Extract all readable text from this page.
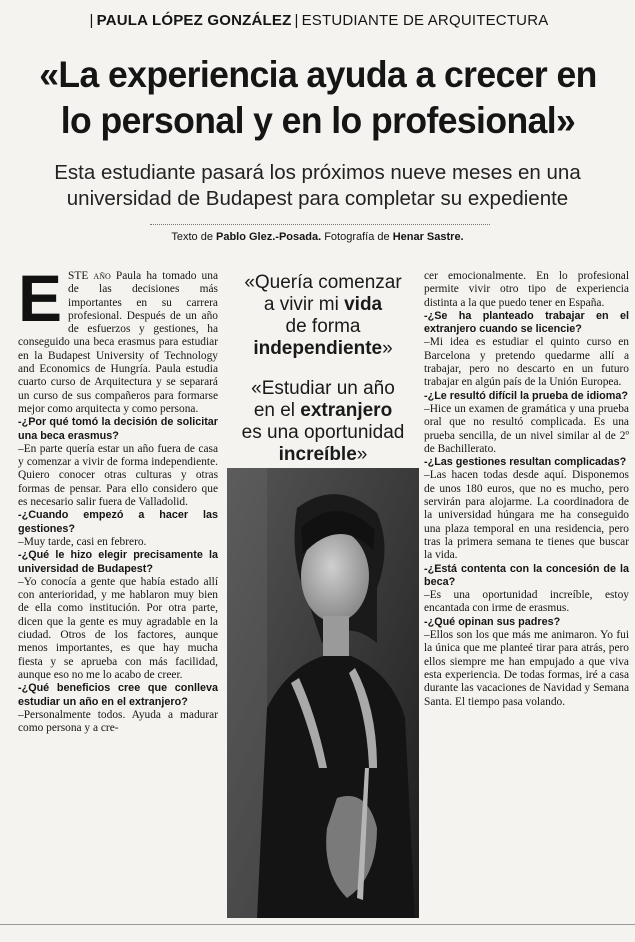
| PAULA LÓPEZ GONZÁLEZ | ESTUDIANTE DE ARQUITECTURA
«La experiencia ayuda a crecer en
lo personal y en lo profesional»
Esta estudiante pasará los próximos nueve meses en una
universidad de Budapest para completar su expediente
Texto de Pablo Glez.-Posada. Fotografía de Henar Sastre.

ESTE año Paula ha tomado una de las decisiones más importantes en su carrera profesional. Después de un año de esfuerzos y gestiones, ha conseguido una beca erasmus para estudiar en la Budapest University of Technology and Economics de Hungría. Paula estudia cuarto curso de Arquitectura y se separará un curso de sus compañeros para formarse mejor como arquitecta y como persona.

-¿Por qué tomó la decisión de solicitar una beca erasmus?

–En parte quería estar un año fuera de casa y comenzar a vivir de forma independiente. Quiero conocer otras culturas y otras formas de pensar. Para ello considero que es necesario salir fuera de Valladolid.

-¿Cuando empezó a hacer las gestiones?

–Muy tarde, casi en febrero.

-¿Qué le hizo elegir precisamente la universidad de Budapest?

–Yo conocía a gente que había estado allí con anterioridad, y me hablaron muy bien de ella como institución. Por otra parte, dicen que la gente es muy agradable en la ciudad. Otros de los factores, aunque menos importantes, es que hay mucha fiesta y se aprueba con más facilidad, aunque eso no me lo acabo de creer.

-¿Qué beneficios cree que conlleva estudiar un año en el extranjero?

–Personalmente todos. Ayuda a madurar como persona y a cre-

«Quería comenzar
a vivir mi vida
de forma
independiente»
«Estudiar un año
en el extranjero
es una oportunidad
increíble»

cer emocionalmente. En lo profesional permite vivir otro tipo de experiencia distinta a la que puedo tener en España.

-¿Se ha planteado trabajar en el extranjero cuando se licencie?

–Mi idea es estudiar el quinto curso en Barcelona y pretendo quedarme allí a trabajar, pero no descarto en un futuro trabajar en algún país de la Unión Europea.

-¿Le resultó difícil la prueba de idioma?

–Hice un examen de gramática y una prueba oral que no resultó complicada. Es una prueba sencilla, de un nivel similar al de 2º de Bachillerato.

-¿Las gestiones resultan complicadas?

–Las hacen todas desde aquí. Disponemos de unos 180 euros, que no es mucho, pero servirán para alojarme. La coordinadora de la universidad húngara me ha conseguido una plaza temporal en una residencia, pero tras la primera semana te tienes que buscar la vida.

-¿Está contenta con la concesión de la beca?

–Es una oportunidad increíble, estoy encantada con irme de erasmus.

-¿Qué opinan sus padres?

–Ellos son los que más me animaron. Yo fui la única que me planteé tirar para atrás, pero ellos siempre me han empujado a que viva esta experiencia. De todas formas, iré a casa durante las vacaciones de Navidad y Semana Santa. El tiempo pasa volando.
